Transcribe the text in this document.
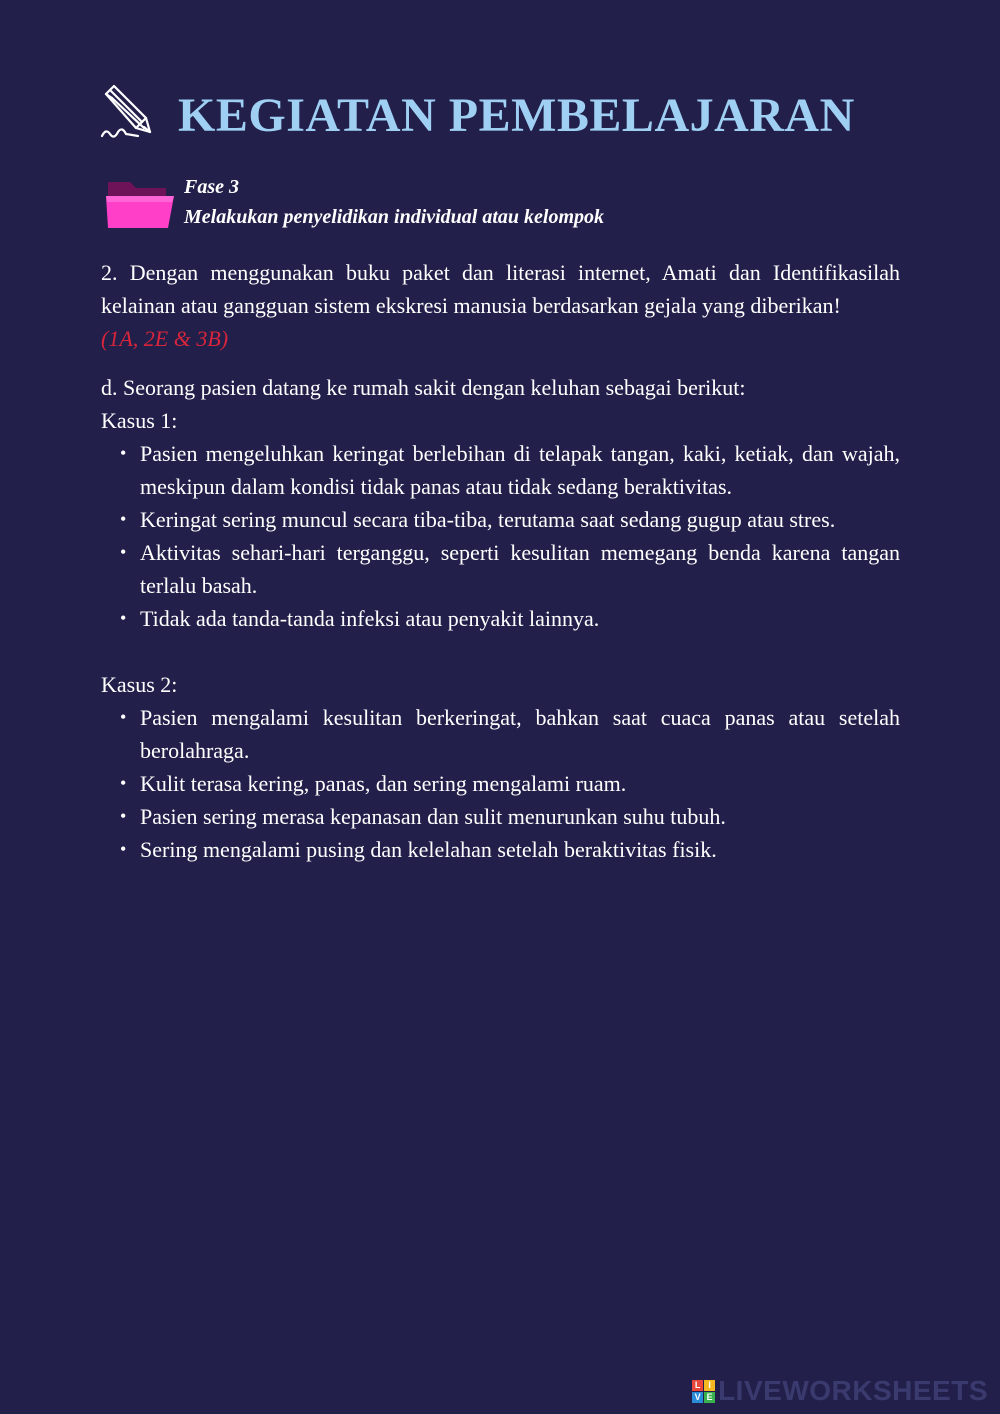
KEGIATAN PEMBELAJARAN
Fase 3
Melakukan penyelidikan individual atau kelompok

2. Dengan menggunakan buku paket dan literasi internet, Amati dan Identifikasilah kelainan atau gangguan sistem ekskresi manusia berdasarkan gejala yang diberikan!

(1A, 2E & 3B)

d. Seorang pasien datang ke rumah sakit dengan keluhan sebagai berikut:

Kasus 1:

• Pasien mengeluhkan keringat berlebihan di telapak tangan, kaki, ketiak, dan wajah, meskipun dalam kondisi tidak panas atau tidak sedang beraktivitas.
• Keringat sering muncul secara tiba-tiba, terutama saat sedang gugup atau stres.
• Aktivitas sehari-hari terganggu, seperti kesulitan memegang benda karena tangan terlalu basah.
• Tidak ada tanda-tanda infeksi atau penyakit lainnya.

Kasus 2:

• Pasien mengalami kesulitan berkeringat, bahkan saat cuaca panas atau setelah berolahraga.
• Kulit terasa kering, panas, dan sering mengalami ruam.
• Pasien sering merasa kepanasan dan sulit menurunkan suhu tubuh.
• Sering mengalami pusing dan kelelahan setelah beraktivitas fisik.
L I
V E LIVEWORKSHEETS
